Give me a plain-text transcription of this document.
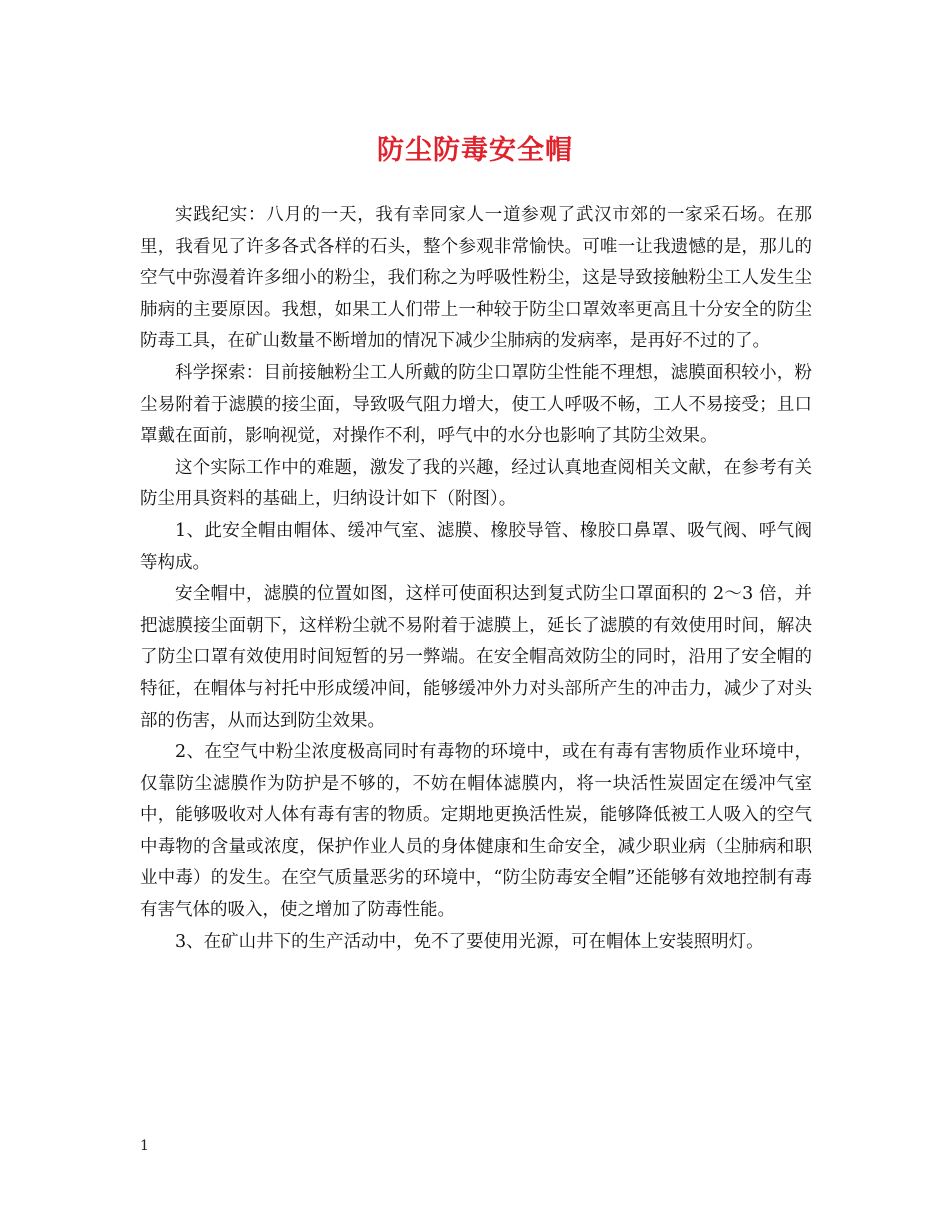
防尘防毒安全帽

实践纪实：八月的一天，我有幸同家人一道参观了武汉市郊的一家采石场。在那里，我看见了许多各式各样的石头，整个参观非常愉快。可唯一让我遗憾的是，那儿的空气中弥漫着许多细小的粉尘，我们称之为呼吸性粉尘，这是导致接触粉尘工人发生尘肺病的主要原因。我想，如果工人们带上一种较于防尘口罩效率更高且十分安全的防尘防毒工具，在矿山数量不断增加的情况下减少尘肺病的发病率，是再好不过的了。

科学探索：目前接触粉尘工人所戴的防尘口罩防尘性能不理想，滤膜面积较小，粉尘易附着于滤膜的接尘面，导致吸气阻力增大，使工人呼吸不畅，工人不易接受；且口罩戴在面前，影响视觉，对操作不利，呼气中的水分也影响了其防尘效果。

这个实际工作中的难题，激发了我的兴趣，经过认真地查阅相关文献，在参考有关防尘用具资料的基础上，归纳设计如下（附图）。

1、此安全帽由帽体、缓冲气室、滤膜、橡胶导管、橡胶口鼻罩、吸气阀、呼气阀等构成。

安全帽中，滤膜的位置如图，这样可使面积达到复式防尘口罩面积的 2～3 倍，并把滤膜接尘面朝下，这样粉尘就不易附着于滤膜上，延长了滤膜的有效使用时间，解决了防尘口罩有效使用时间短暂的另一弊端。在安全帽高效防尘的同时，沿用了安全帽的特征，在帽体与衬托中形成缓冲间，能够缓冲外力对头部所产生的冲击力，减少了对头部的伤害，从而达到防尘效果。

2、在空气中粉尘浓度极高同时有毒物的环境中，或在有毒有害物质作业环境中，仅靠防尘滤膜作为防护是不够的，不妨在帽体滤膜内，将一块活性炭固定在缓冲气室中，能够吸收对人体有毒有害的物质。定期地更换活性炭，能够降低被工人吸入的空气中毒物的含量或浓度，保护作业人员的身体健康和生命安全，减少职业病（尘肺病和职业中毒）的发生。在空气质量恶劣的环境中，“防尘防毒安全帽”还能够有效地控制有毒有害气体的吸入，使之增加了防毒性能。

3、在矿山井下的生产活动中，免不了要使用光源，可在帽体上安装照明灯。

1
